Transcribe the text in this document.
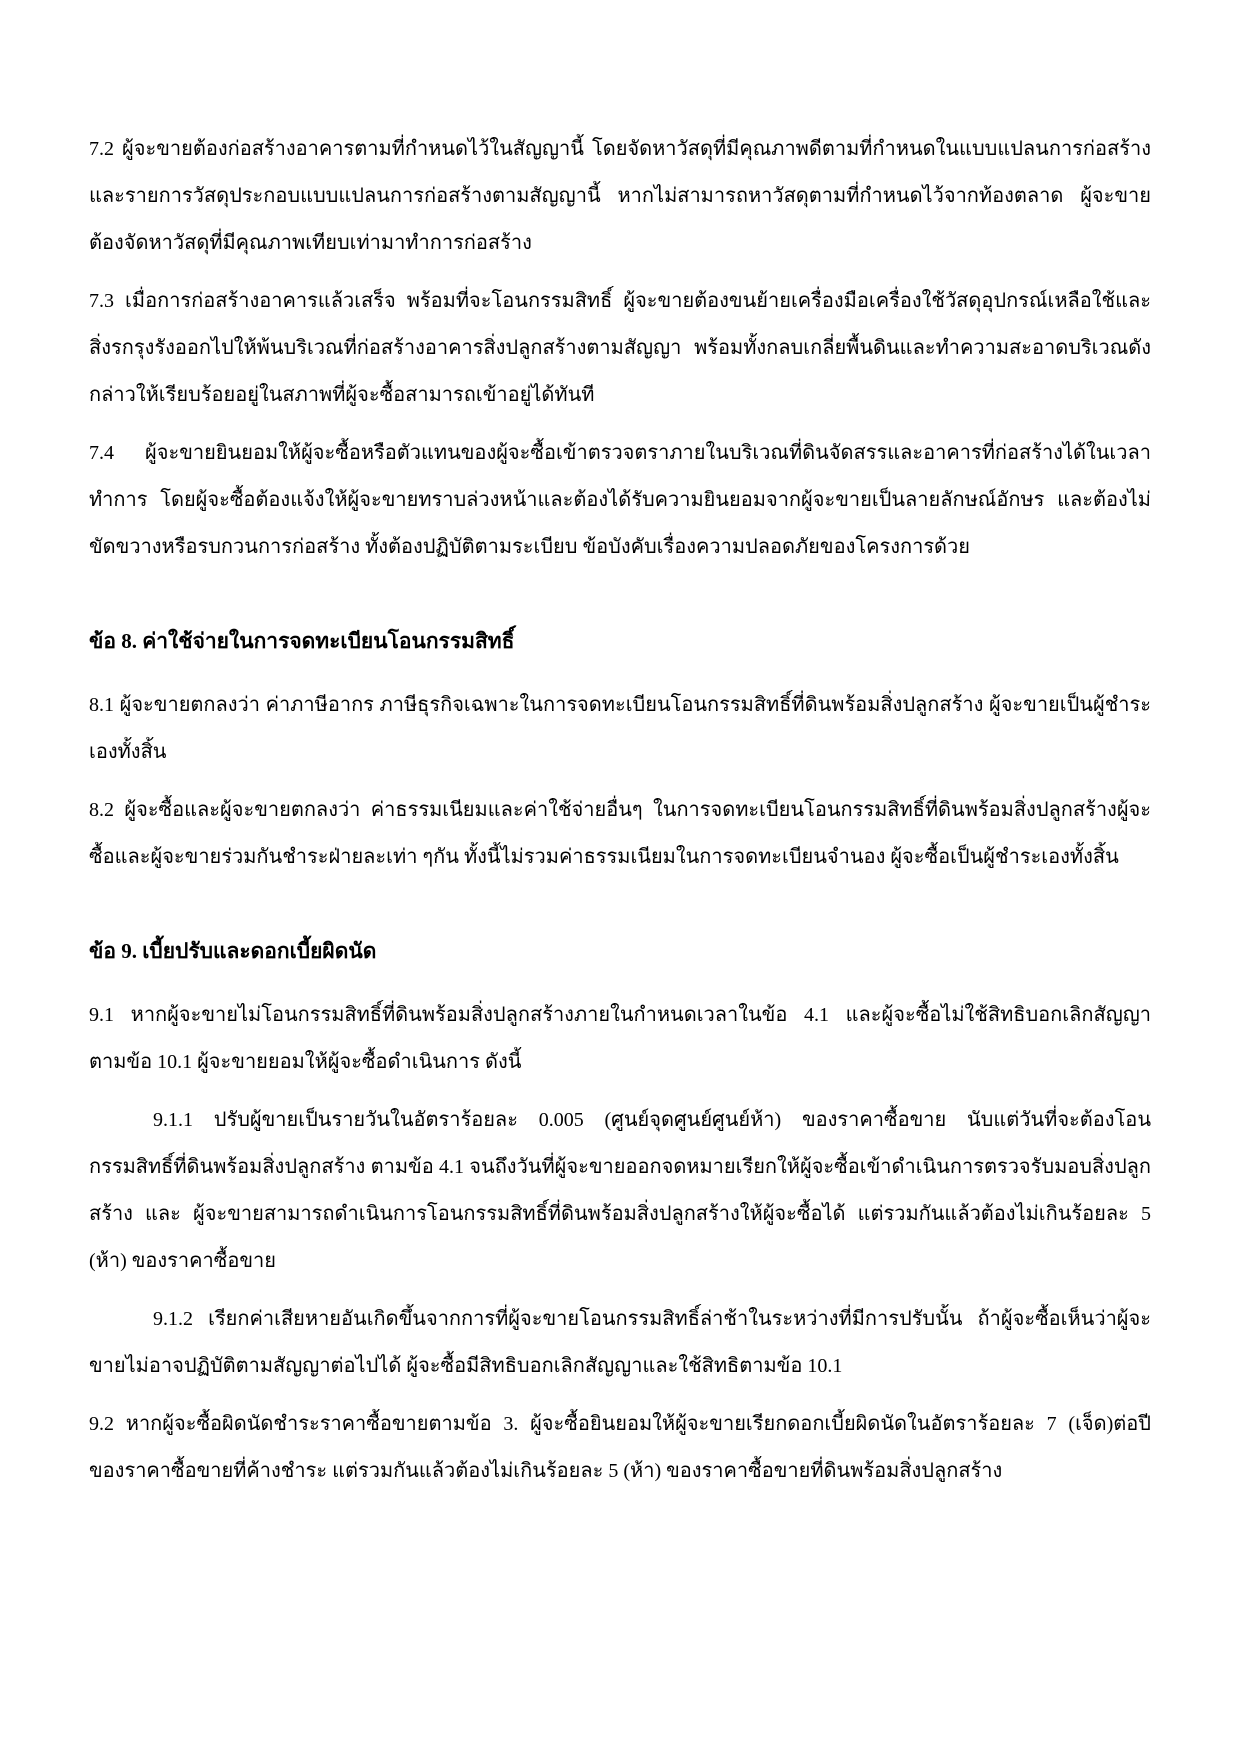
7.2 ผู้จะขายต้องก่อสร้างอาคารตามที่กำหนดไว้ในสัญญานี้ โดยจัดหาวัสดุที่มีคุณภาพดีตามที่กำหนดในแบบแปลนการก่อสร้างและรายการวัสดุประกอบแบบแปลนการก่อสร้างตามสัญญานี้ หากไม่สามารถหาวัสดุตามที่กำหนดไว้จากท้องตลาด ผู้จะขายต้องจัดหาวัสดุที่มีคุณภาพเทียบเท่ามาทำการก่อสร้าง

7.3 เมื่อการก่อสร้างอาคารแล้วเสร็จ พร้อมที่จะโอนกรรมสิทธิ์ ผู้จะขายต้องขนย้ายเครื่องมือเครื่องใช้วัสดุอุปกรณ์เหลือใช้และสิ่งรกรุงรังออกไปให้พ้นบริเวณที่ก่อสร้างอาคารสิ่งปลูกสร้างตามสัญญา พร้อมทั้งกลบเกลี่ยพื้นดินและทำความสะอาดบริเวณดังกล่าวให้เรียบร้อยอยู่ในสภาพที่ผู้จะซื้อสามารถเข้าอยู่ได้ทันที

7.4 ผู้จะขายยินยอมให้ผู้จะซื้อหรือตัวแทนของผู้จะซื้อเข้าตรวจตราภายในบริเวณที่ดินจัดสรรและอาคารที่ก่อสร้างได้ในเวลาทำการ โดยผู้จะซื้อต้องแจ้งให้ผู้จะขายทราบล่วงหน้าและต้องได้รับความยินยอมจากผู้จะขายเป็นลายลักษณ์อักษร และต้องไม่ขัดขวางหรือรบกวนการก่อสร้าง ทั้งต้องปฏิบัติตามระเบียบ ข้อบังคับเรื่องความปลอดภัยของโครงการด้วย

ข้อ 8. ค่าใช้จ่ายในการจดทะเบียนโอนกรรมสิทธิ์

8.1 ผู้จะขายตกลงว่า ค่าภาษีอากร ภาษีธุรกิจเฉพาะในการจดทะเบียนโอนกรรมสิทธิ์ที่ดินพร้อมสิ่งปลูกสร้าง ผู้จะขายเป็นผู้ชำระเองทั้งสิ้น

8.2 ผู้จะซื้อและผู้จะขายตกลงว่า ค่าธรรมเนียมและค่าใช้จ่ายอื่นๆ ในการจดทะเบียนโอนกรรมสิทธิ์ที่ดินพร้อมสิ่งปลูกสร้างผู้จะซื้อและผู้จะขายร่วมกันชำระฝ่ายละเท่า ๆกัน ทั้งนี้ไม่รวมค่าธรรมเนียมในการจดทะเบียนจำนอง ผู้จะซื้อเป็นผู้ชำระเองทั้งสิ้น

ข้อ 9. เบี้ยปรับและดอกเบี้ยผิดนัด

9.1 หากผู้จะขายไม่โอนกรรมสิทธิ์ที่ดินพร้อมสิ่งปลูกสร้างภายในกำหนดเวลาในข้อ 4.1 และผู้จะซื้อไม่ใช้สิทธิบอกเลิกสัญญาตามข้อ 10.1 ผู้จะขายยอมให้ผู้จะซื้อดำเนินการ ดังนี้

9.1.1 ปรับผู้ขายเป็นรายวันในอัตราร้อยละ 0.005 (ศูนย์จุดศูนย์ศูนย์ห้า) ของราคาซื้อขาย นับแต่วันที่จะต้องโอนกรรมสิทธิ์ที่ดินพร้อมสิ่งปลูกสร้าง ตามข้อ 4.1 จนถึงวันที่ผู้จะขายออกจดหมายเรียกให้ผู้จะซื้อเข้าดำเนินการตรวจรับมอบสิ่งปลูกสร้าง และ ผู้จะขายสามารถดำเนินการโอนกรรมสิทธิ์ที่ดินพร้อมสิ่งปลูกสร้างให้ผู้จะซื้อได้ แต่รวมกันแล้วต้องไม่เกินร้อยละ 5 (ห้า) ของราคาซื้อขาย

9.1.2 เรียกค่าเสียหายอันเกิดขึ้นจากการที่ผู้จะขายโอนกรรมสิทธิ์ล่าช้าในระหว่างที่มีการปรับนั้น ถ้าผู้จะซื้อเห็นว่าผู้จะขายไม่อาจปฏิบัติตามสัญญาต่อไปได้ ผู้จะซื้อมีสิทธิบอกเลิกสัญญาและใช้สิทธิตามข้อ 10.1

9.2 หากผู้จะซื้อผิดนัดชำระราคาซื้อขายตามข้อ 3. ผู้จะซื้อยินยอมให้ผู้จะขายเรียกดอกเบี้ยผิดนัดในอัตราร้อยละ 7 (เจ็ด)ต่อปี ของราคาซื้อขายที่ค้างชำระ แต่รวมกันแล้วต้องไม่เกินร้อยละ 5 (ห้า) ของราคาซื้อขายที่ดินพร้อมสิ่งปลูกสร้าง
